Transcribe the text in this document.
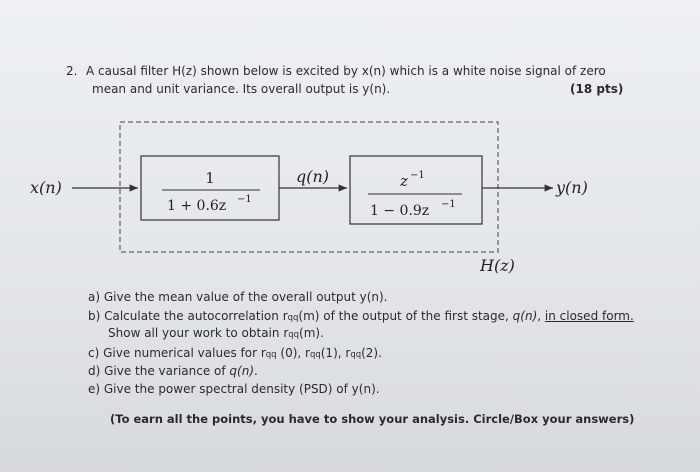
2. A causal filter H(z) shown below is excited by x(n) which is a white noise signal of zero
mean and unit variance. Its overall output is y(n).	(18 pts)
x(n)	1
1 + 0.6z −1
q(n)	z −1
1 − 0.9z −1
y(n)
H(z)
a) Give the mean value of the overall output y(n).
b) Calculate the autocorrelation rqq(m) of the output of the first stage, q(n), in closed form.
Show all your work to obtain rqq(m).
c) Give numerical values for rqq (0), rqq(1), rqq(2).
d) Give the variance of q(n).
e) Give the power spectral density (PSD) of y(n).
(To earn all the points, you have to show your analysis. Circle/Box your answers)
